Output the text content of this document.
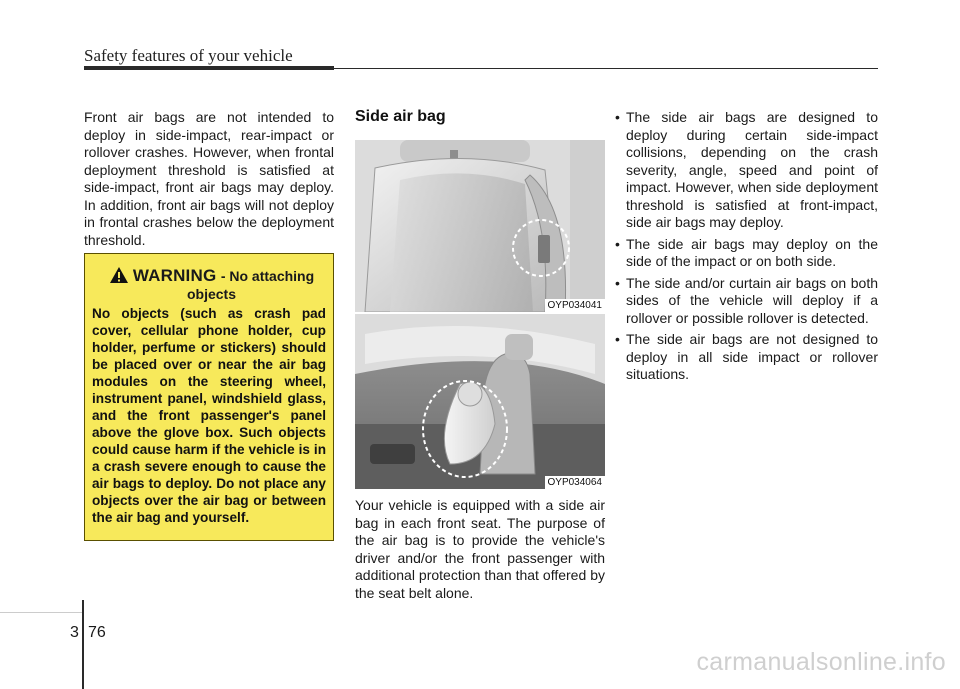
Safety features of your vehicle

Front air bags are not intended to deploy in side-impact, rear-impact or rollover crashes. However, when frontal deployment threshold is satisfied at side-impact, front air bags may deploy. In addition, front air bags will not deploy in frontal crashes below the deployment threshold.

WARNING - No attaching objects
No objects (such as crash pad cover, cellular phone holder, cup holder, perfume or stickers) should be placed over or near the air bag modules on the steering wheel, instrument panel, windshield glass, and the front passenger's panel above the glove box. Such objects could cause harm if the vehicle is in a crash severe enough to cause the air bags to deploy. Do not place any objects over the air bag or between the air bag and yourself.
Side air bag
OYP034041
OYP034064

Your vehicle is equipped with a side air bag in each front seat. The purpose of the air bag is to provide the vehicle's driver and/or the front passenger with additional protection than that offered by the seat belt alone.

• The side air bags are designed to deploy during certain side-impact collisions, depending on the crash severity, angle, speed and point of impact. However, when side deployment threshold is satisfied at front-impact, side air bags may deploy.
• The side air bags may deploy on the side of the impact or on both side.
• The side and/or curtain air bags on both sides of the vehicle will deploy if a rollover or possible rollover is detected.
• The side air bags are not designed to deploy in all side impact or rollover situations.
3 76
carmanualsonline.info
